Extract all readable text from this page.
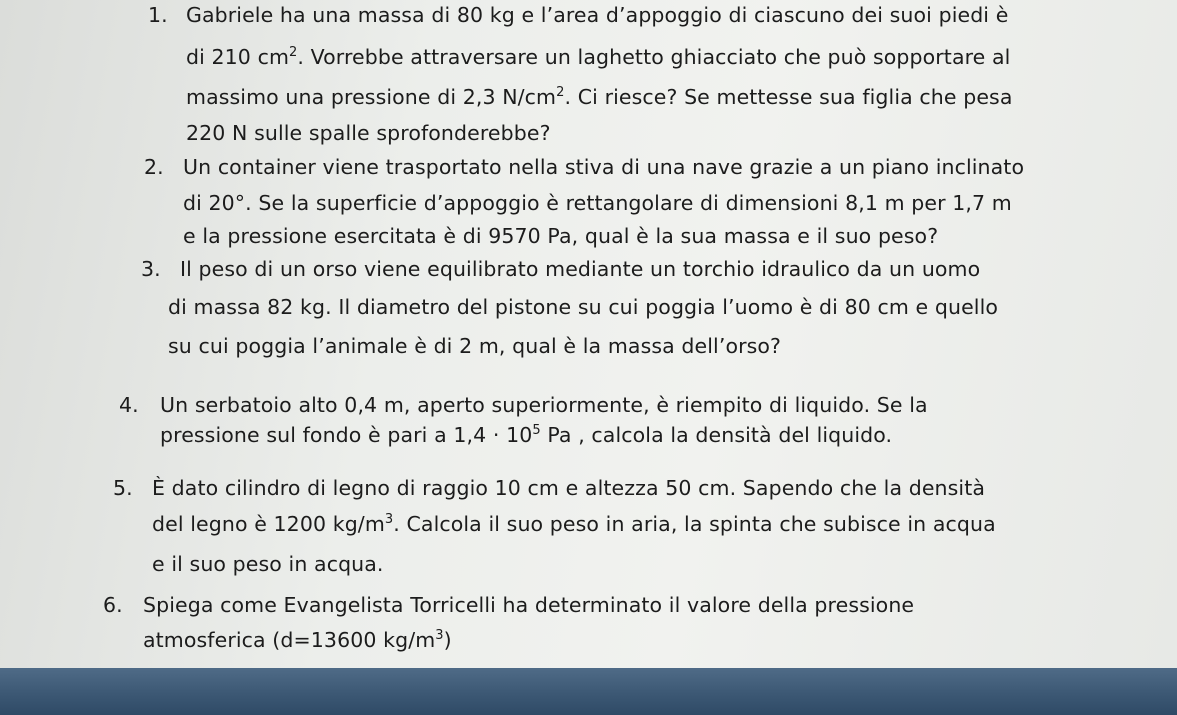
1. Gabriele ha una massa di 80 kg e l’area d’appoggio di ciascuno dei suoi piedi è
di 210 $cm^2$. Vorrebbe attraversare un laghetto ghiacciato che può sopportare al
massimo una pressione di 2,3 $N/cm^2$. Ci riesce? Se mettesse sua figlia che pesa
220 N sulle spalle sprofonderebbe?
2. Un container viene trasportato nella stiva di una nave grazie a un piano inclinato
di 20°. Se la superficie d’appoggio è rettangolare di dimensioni 8,1 m per 1,7 m
e la pressione esercitata è di 9570 Pa, qual è la sua massa e il suo peso?
3. Il peso di un orso viene equilibrato mediante un torchio idraulico da un uomo
di massa 82 kg. Il diametro del pistone su cui poggia l’uomo è di 80 cm e quello
su cui poggia l’animale è di 2 m, qual è la massa dell’orso?
4. Un serbatoio alto 0,4 m, aperto superiormente, è riempito di liquido. Se la
pressione sul fondo è pari a $1,4 \cdot 10^5$ Pa , calcola la densità del liquido.
5. È dato cilindro di legno di raggio 10 cm e altezza 50 cm. Sapendo che la densità
del legno è 1200 $kg/m^3$. Calcola il suo peso in aria, la spinta che subisce in acqua
e il suo peso in acqua.
6. Spiega come Evangelista Torricelli ha determinato il valore della pressione
atmosferica (d=13600 $kg/m^3$)
